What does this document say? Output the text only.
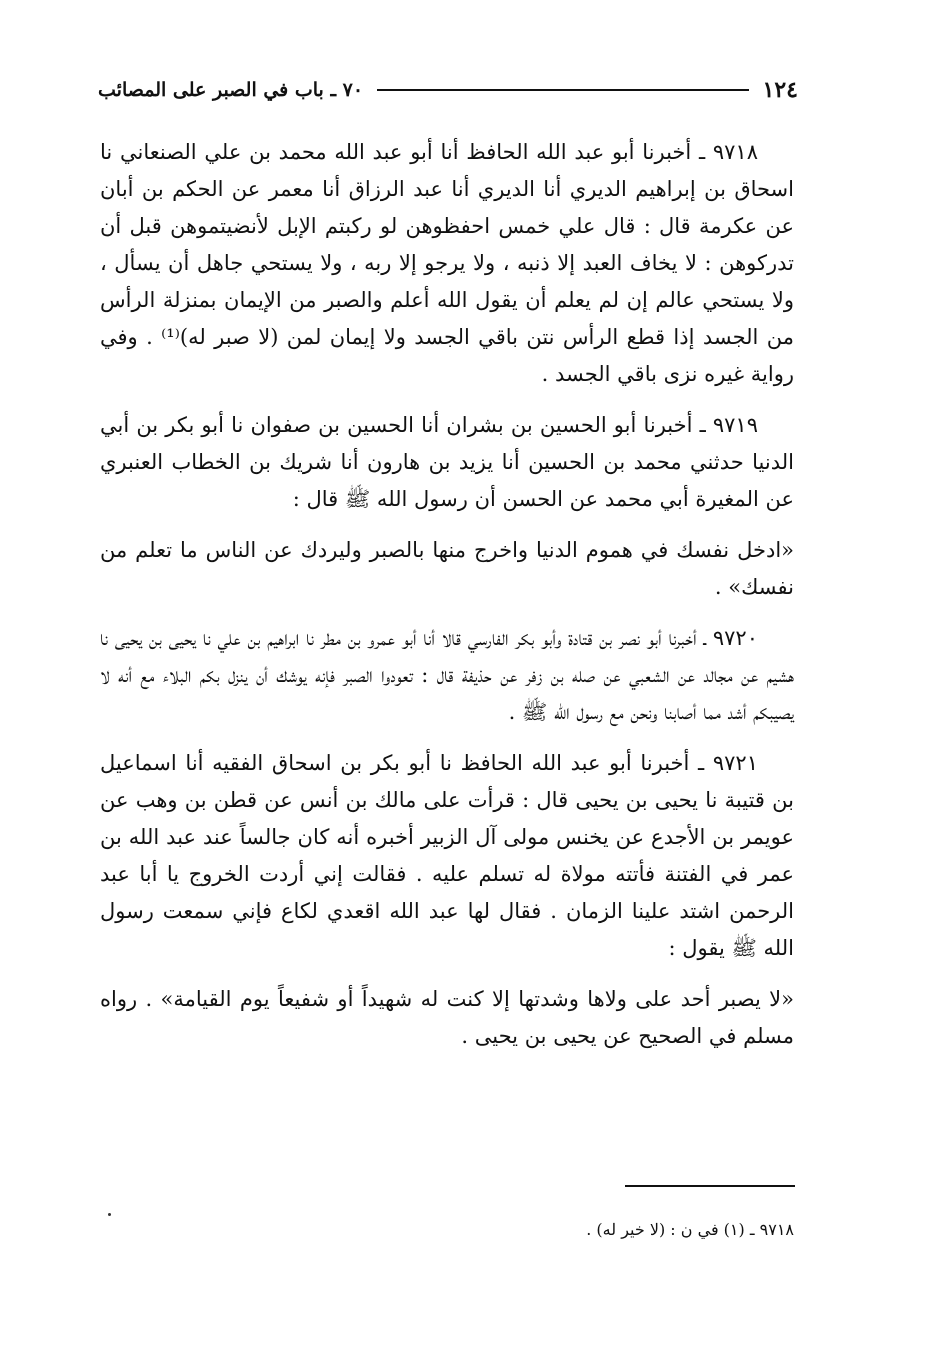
١٢٤
٧٠ ـ باب في الصبر على المصائب

٩٧١٨ ـ أخبرنا أبو عبد الله الحافظ أنا أبو عبد الله محمد بن علي الصنعاني نا اسحاق بن إبراهيم الديري أنا الديري أنا عبد الرزاق أنا معمر عن الحكم بن أبان عن عكرمة قال : قال علي خمس احفظوهن لو ركبتم الإبل لأنضيتموهن قبل أن تدركوهن : لا يخاف العبد إلا ذنبه ، ولا يرجو إلا ربه ، ولا يستحي جاهل أن يسأل ، ولا يستحي عالم إن لم يعلم أن يقول الله أعلم والصبر من الإيمان بمنزلة الرأس من الجسد إذا قطع الرأس نتن باقي الجسد ولا إيمان لمن (لا صبر له)⁽¹⁾ . وفي رواية غيره نزى باقي الجسد .

٩٧١٩ ـ أخبرنا أبو الحسين بن بشران أنا الحسين بن صفوان نا أبو بكر بن أبي الدنيا حدثني محمد بن الحسين أنا يزيد بن هارون أنا شريك بن الخطاب العنبري عن المغيرة أبي محمد عن الحسن أن رسول الله ﷺ قال :

«ادخل نفسك في هموم الدنيا واخرج منها بالصبر وليردك عن الناس ما تعلم من نفسك» .

٩٧٢٠ ـ أخبرنا أبو نصر بن قتادة وأبو بكر الفارسي قالا أنا أبو عمرو بن مطر نا ابراهيم بن علي نا يحيى بن يحيى نا هشيم عن مجالد عن الشعبي عن صله بن زفر عن حذيفة قال : تعودوا الصبر فإنه يوشك أن ينزل بكم البلاء مع أنه لا يصيبكم أشد مما أصابنا ونحن مع رسول الله ﷺ .

٩٧٢١ ـ أخبرنا أبو عبد الله الحافظ نا أبو بكر بن اسحاق الفقيه أنا اسماعيل بن قتيبة نا يحيى بن يحيى قال : قرأت على مالك بن أنس عن قطن بن وهب عن عويمر بن الأجدع عن يخنس مولى آل الزبير أخبره أنه كان جالساً عند عبد الله بن عمر في الفتنة فأتته مولاة له تسلم عليه . فقالت إني أردت الخروج يا أبا عبد الرحمن اشتد علينا الزمان . فقال لها عبد الله اقعدي لكاع فإني سمعت رسول الله ﷺ يقول :

«لا يصبر أحد على ولاها وشدتها إلا كنت له شهيداً أو شفيعاً يوم القيامة» . رواه مسلم في الصحيح عن يحيى بن يحيى .

٩٧١٨ ـ (١) في ن : (لا خير له) .
